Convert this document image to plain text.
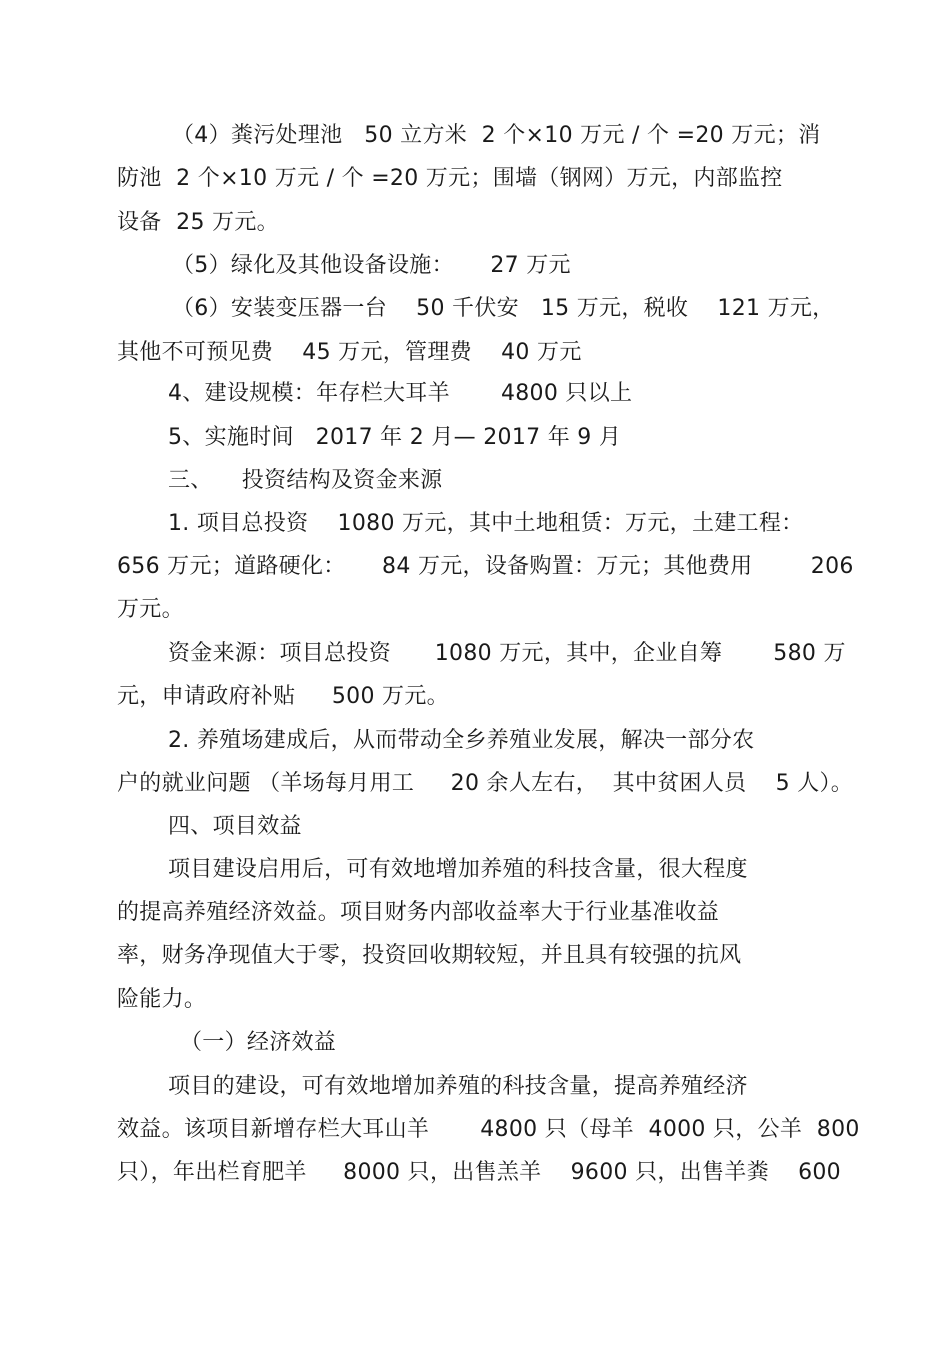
（4）粪污处理池   50 立方米  2 个×10 万元 / 个 =20 万元；消
防池  2 个×10 万元 / 个 =20 万元；围墙（钢网）万元，内部监控
设备  25 万元。
（5）绿化及其他设备设施：     27 万元
（6）安装变压器一台    50 千伏安   15 万元，税收    121 万元，
其他不可预见费    45 万元，管理费    40 万元
4、建设规模：年存栏大耳羊       4800 只以上
5、实施时间   2017 年 2 月— 2017 年 9 月
三、    投资结构及资金来源
1. 项目总投资    1080 万元，其中土地租赁：万元，土建工程：
656 万元；道路硬化：     84 万元，设备购置：万元；其他费用        206
万元。
资金来源：项目总投资      1080 万元，其中，企业自筹       580 万
元，申请政府补贴     500 万元。
2. 养殖场建成后，从而带动全乡养殖业发展，解决一部分农
户的就业问题 （羊场每月用工     20 余人左右，  其中贫困人员    5 人）。
四、项目效益
项目建设启用后，可有效地增加养殖的科技含量，很大程度
的提高养殖经济效益。项目财务内部收益率大于行业基准收益
率，财务净现值大于零，投资回收期较短，并且具有较强的抗风
险能力。
（一）经济效益
项目的建设，可有效地增加养殖的科技含量，提高养殖经济
效益。该项目新增存栏大耳山羊       4800 只（母羊  4000 只，公羊  800
只），年出栏育肥羊     8000 只，出售羔羊    9600 只，出售羊粪    600
